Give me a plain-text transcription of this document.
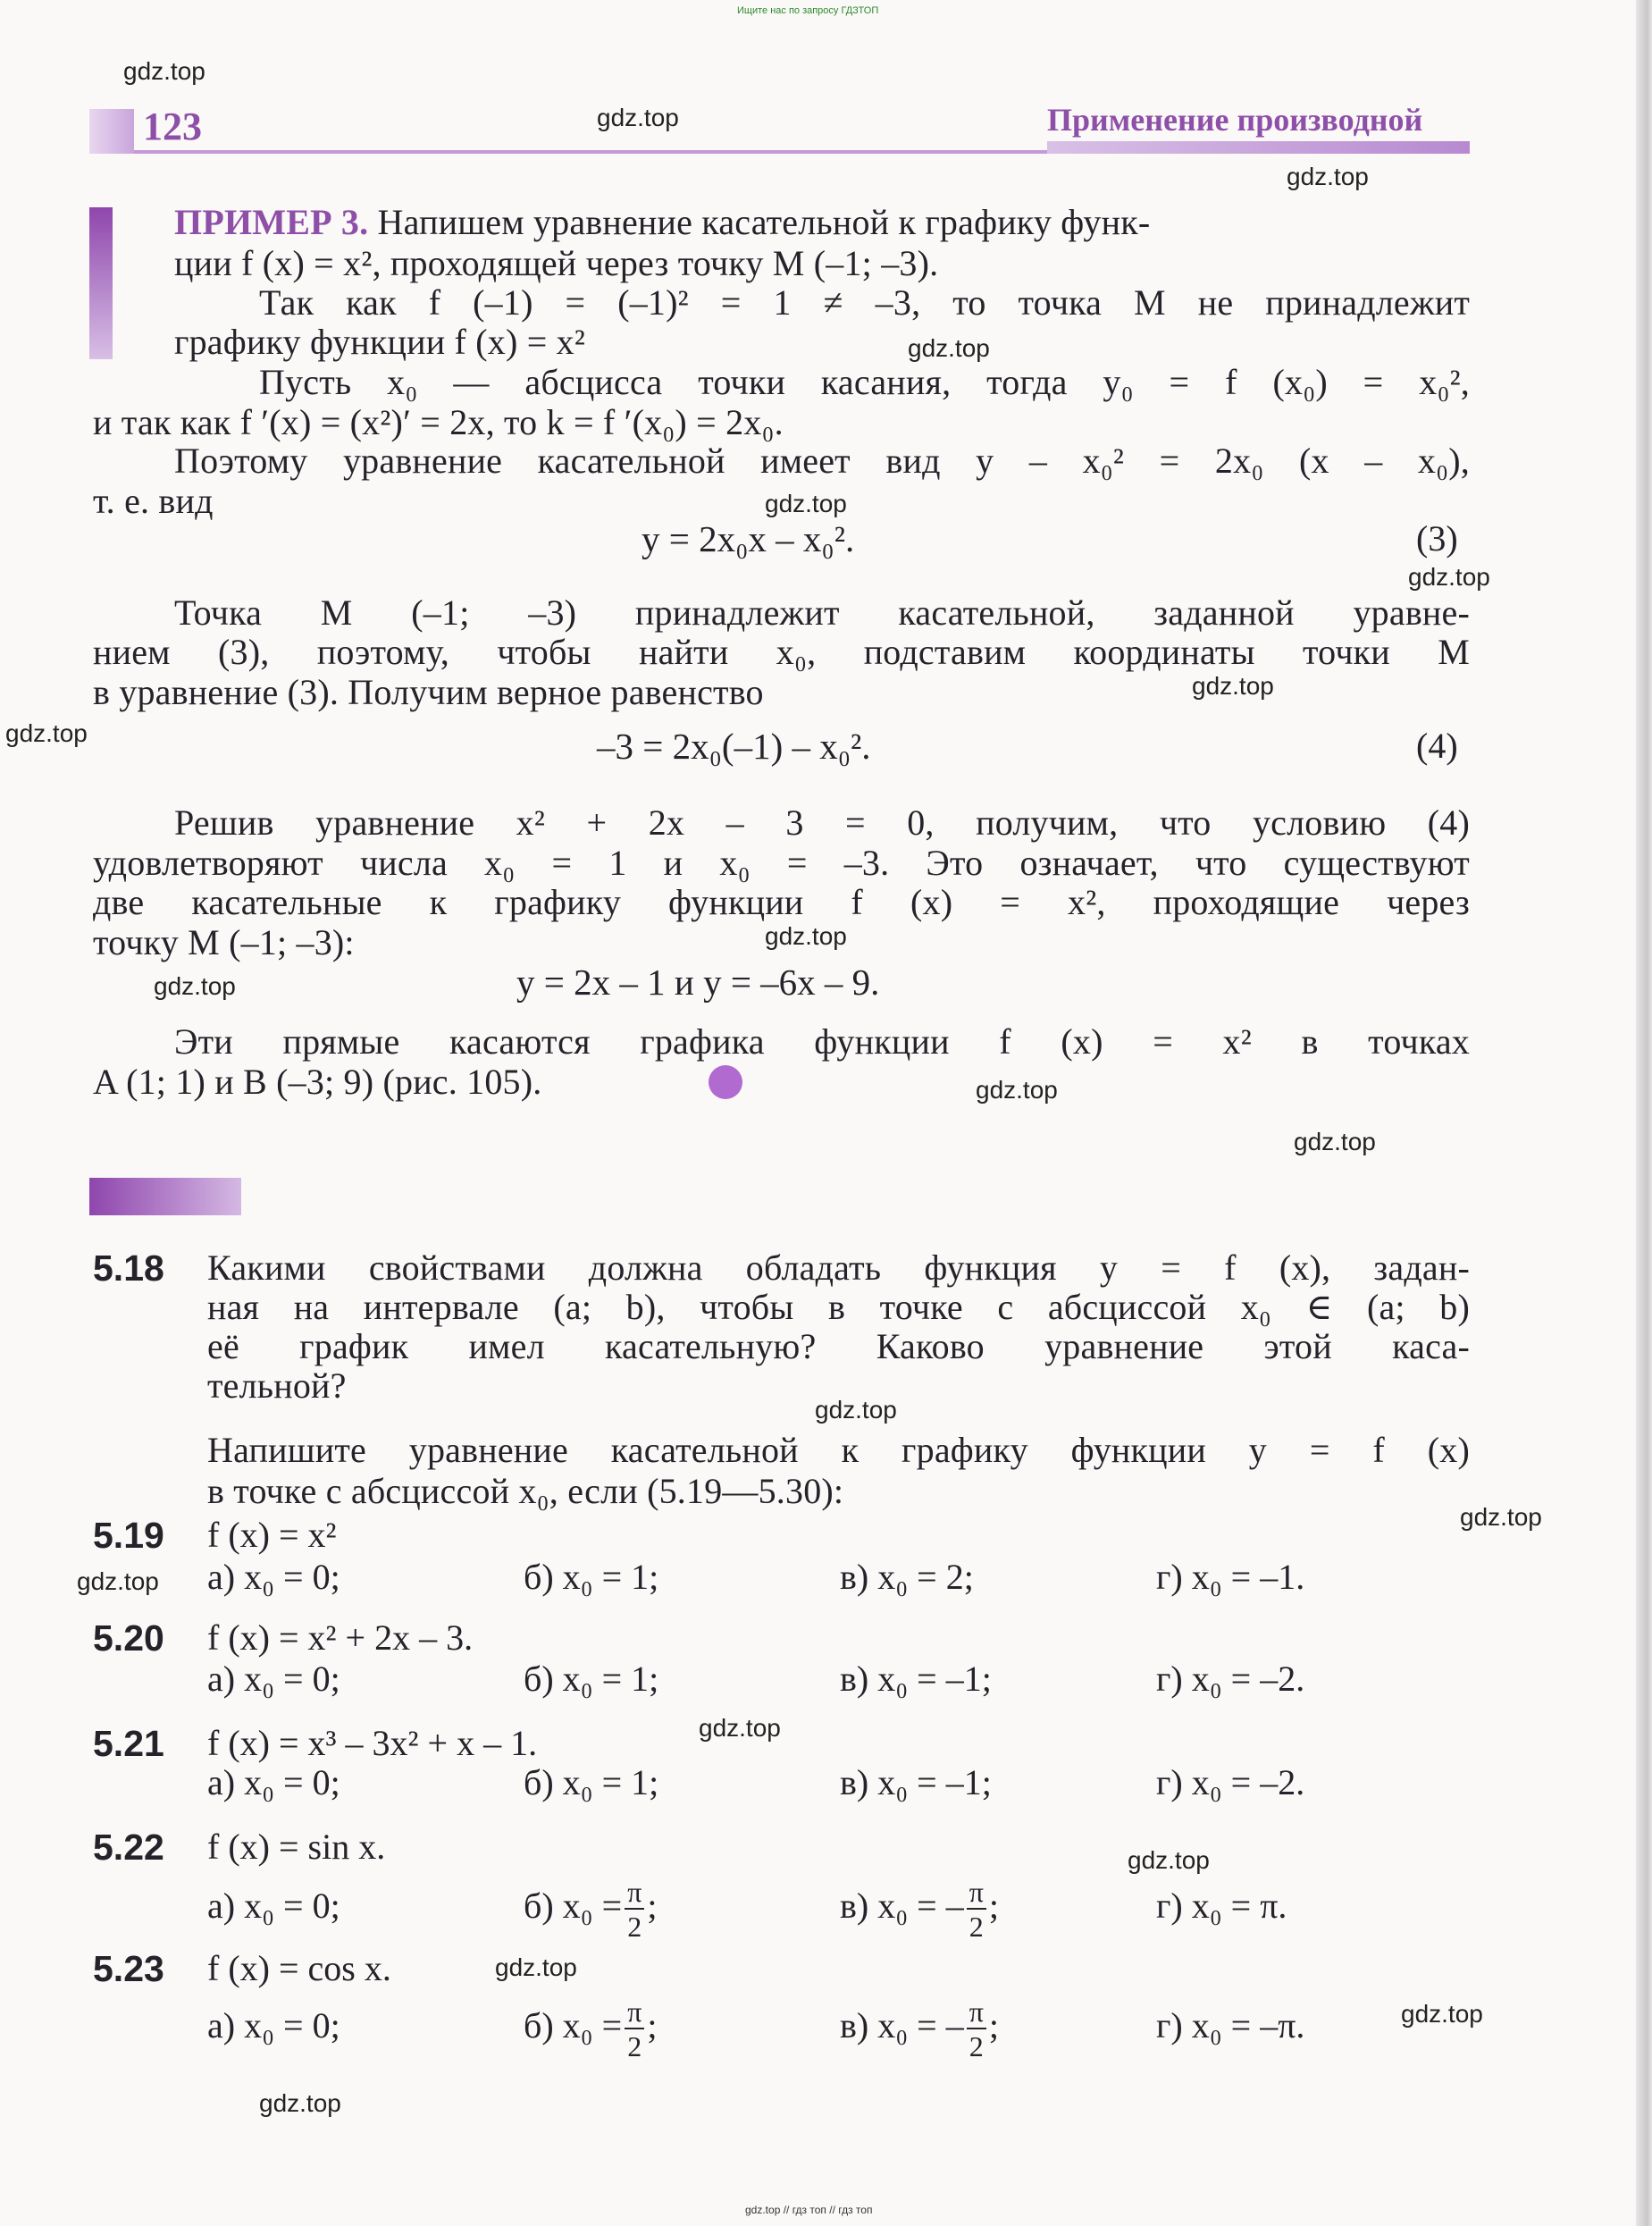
Ищите нас по запросу ГДЗТОП
123	Применение производной
ПРИМЕР 3. Напишем уравнение касательной к графику функ-
ции f (x) = x², проходящей через точку M (–1; –3).
Так как f (–1) = (–1)² = 1 ≠ –3, то точка M не принадлежит
графику функции f (x) = x²
Пусть x₀ — абсцисса точки касания, тогда y₀ = f (x₀) = x₀²,
и так как f ′(x) = (x²)′ = 2x, то k = f ′(x₀) = 2x₀.
Поэтому уравнение касательной имеет вид y – x₀² = 2x₀ (x – x₀),
т. е. вид
y = 2x₀x – x₀².	(3)
Точка M (–1; –3) принадлежит касательной, заданной уравне-
нием (3), поэтому, чтобы найти x₀, подставим координаты точки M
в уравнение (3). Получим верное равенство
–3 = 2x₀(–1) – x₀².	(4)
Решив уравнение x² + 2x – 3 = 0, получим, что условию (4)
удовлетворяют числа x₀ = 1 и x₀ = –3. Это означает, что существуют
две касательные к графику функции f (x) = x², проходящие через
точку M (–1; –3):
y = 2x – 1 и y = –6x – 9.
Эти прямые касаются графика функции f (x) = x² в точках
A (1; 1) и B (–3; 9) (рис. 105).
5.18 Какими свойствами должна обладать функция y = f (x), задан-
ная на интервале (a; b), чтобы в точке с абсциссой x₀ ∈ (a; b)
её график имел касательную? Каково уравнение этой каса-
тельной?
Напишите уравнение касательной к графику функции y = f (x)
в точке с абсциссой x₀, если (5.19—5.30):
5.19 f (x) = x²
а) x₀ = 0;	б) x₀ = 1;	в) x₀ = 2;	г) x₀ = –1.
5.20 f (x) = x² + 2x – 3.
а) x₀ = 0;	б) x₀ = 1;	в) x₀ = –1;	г) x₀ = –2.
5.21 f (x) = x³ – 3x² + x – 1.
а) x₀ = 0;	б) x₀ = 1;	в) x₀ = –1;	г) x₀ = –2.
5.22 f (x) = sin x.
а) x₀ = 0;	б) $x_0 = \frac{\pi}{2}$ ;	в) x₀ = – $\frac{\pi}{2}$ ;	г) x₀ = π.
5.23 f (x) = cos x.
а) x₀ = 0;	б) $x_0 = \frac{\pi}{2}$ ;	в) x₀ = – $\frac{\pi}{2}$ ;	г) x₀ = –π.
gdz.top
gdz.top
gdz.top
gdz.top
gdz.top
gdz.top
gdz.top
gdz.top
gdz.top
gdz.top
gdz.top
gdz.top
gdz.top
gdz.top
gdz.top
gdz.top
gdz.top
gdz.top
gdz.top
gdz.top
gdz.top // гдз топ // гдз топ
